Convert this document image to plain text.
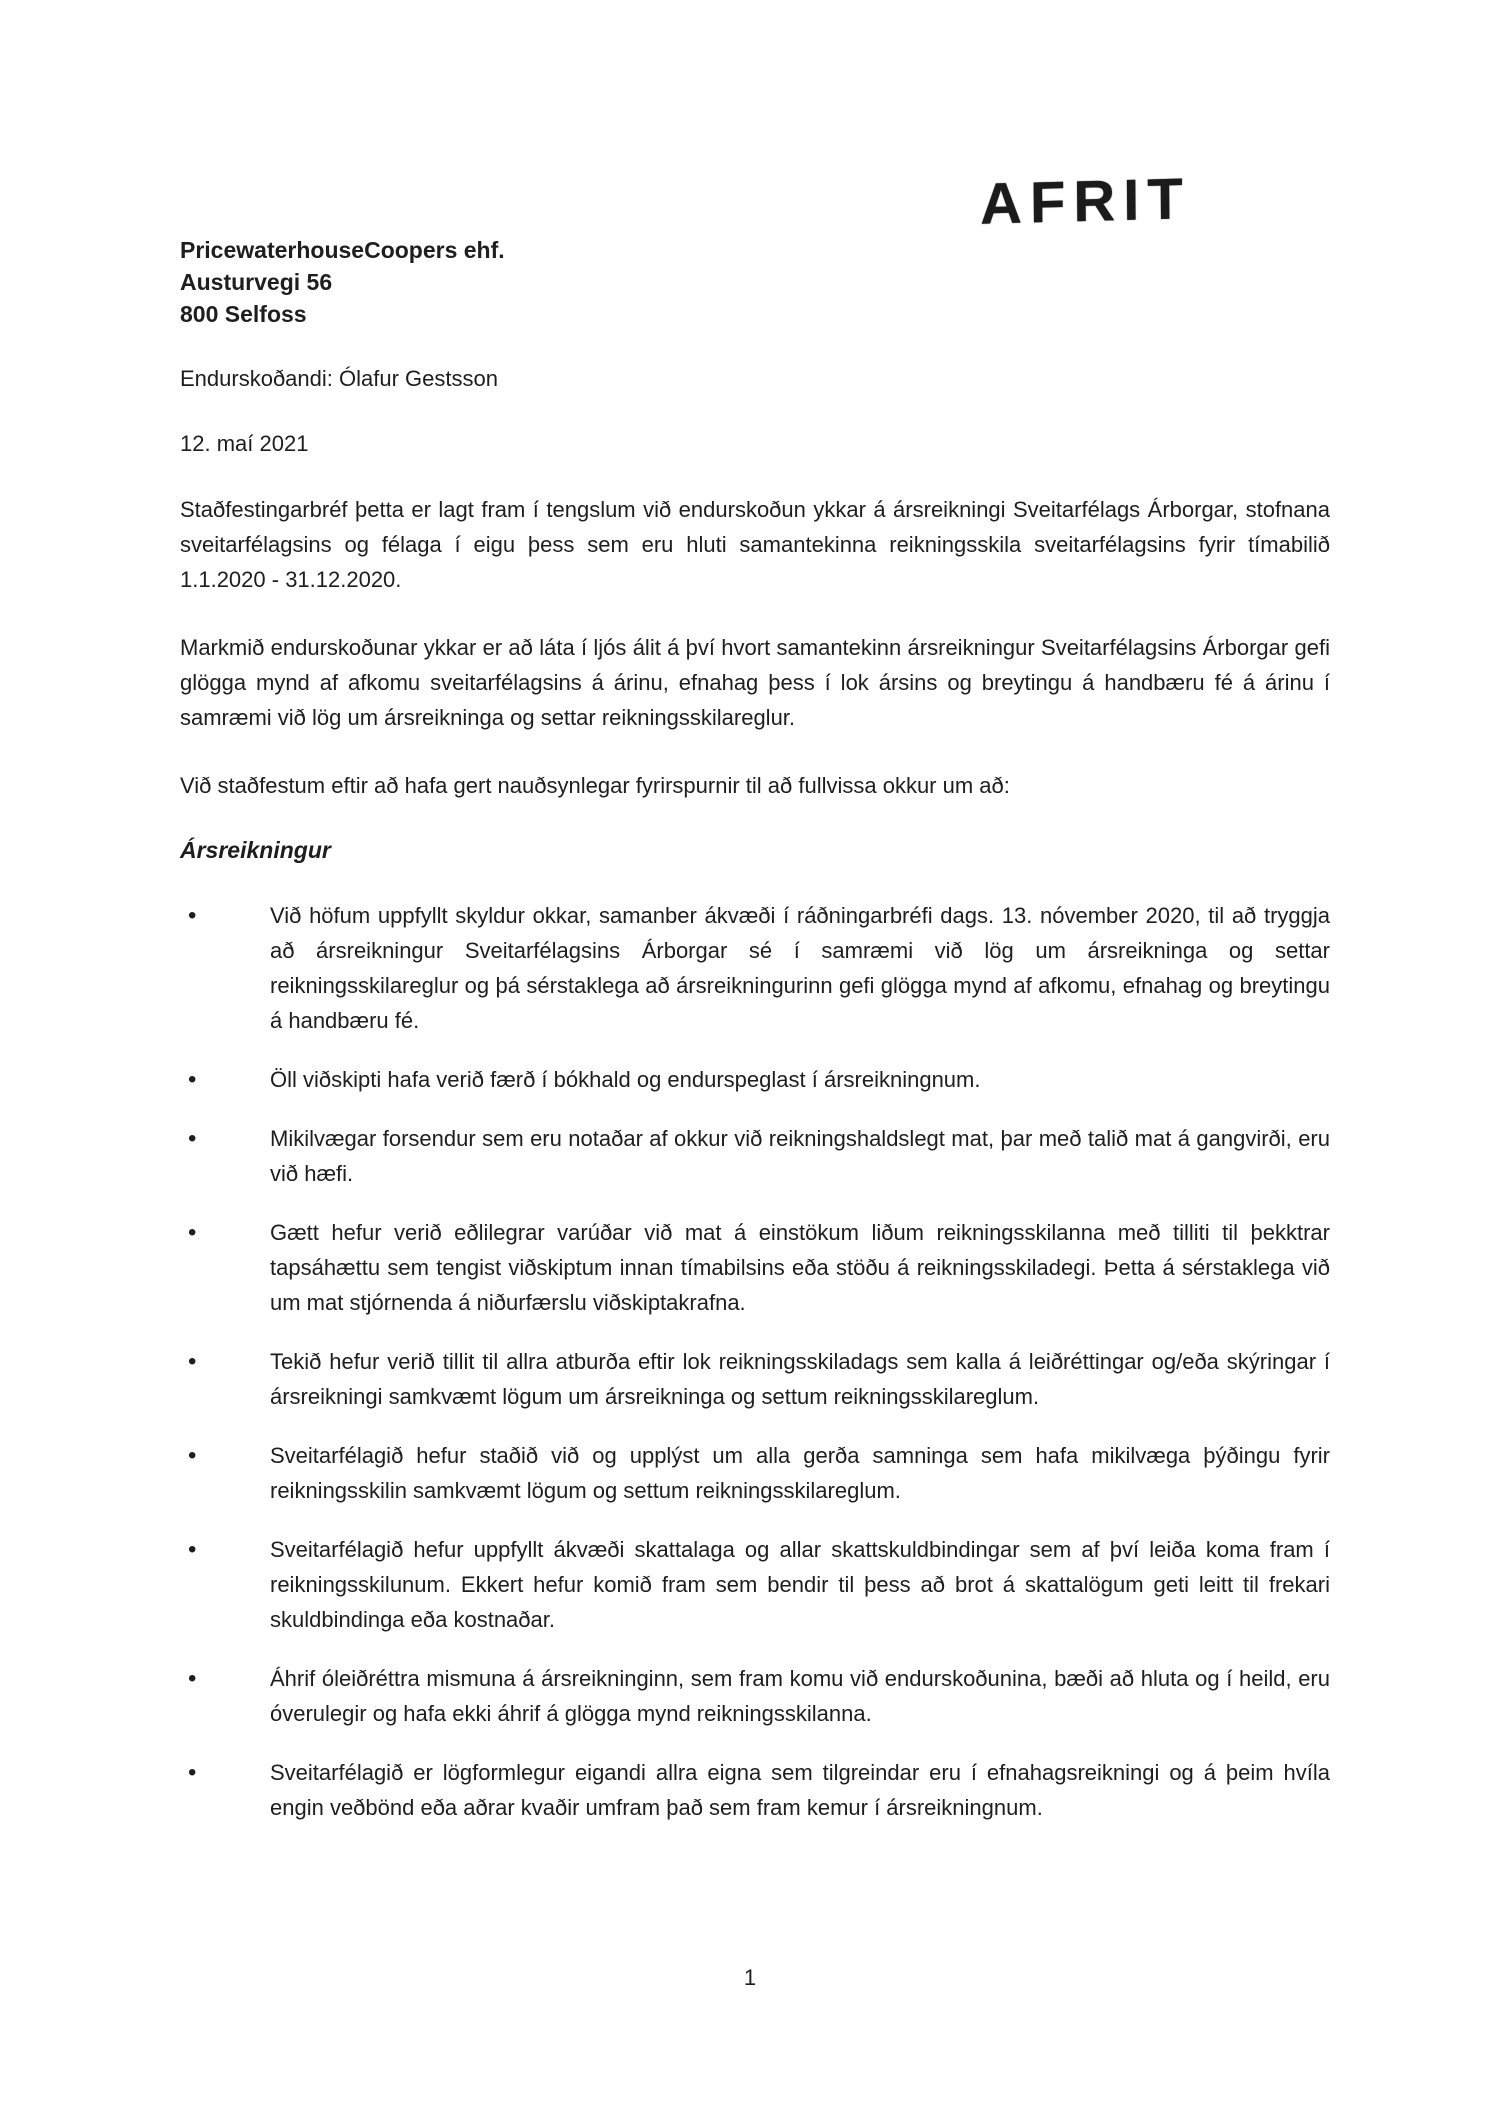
AFRIT
PricewaterhouseCoopers ehf.
Austurvegi 56
800 Selfoss

Endurskoðandi: Ólafur Gestsson

12. maí 2021

Staðfestingarbréf þetta er lagt fram í tengslum við endurskoðun ykkar á ársreikningi Sveitarfélags Árborgar, stofnana sveitarfélagsins og félaga í eigu þess sem eru hluti samantekinna reikningsskila sveitarfélagsins fyrir tímabilið 1.1.2020 - 31.12.2020.

Markmið endurskoðunar ykkar er að láta í ljós álit á því hvort samantekinn ársreikningur Sveitarfélagsins Árborgar gefi glögga mynd af afkomu sveitarfélagsins á árinu, efnahag þess í lok ársins og breytingu á handbæru fé á árinu í samræmi við lög um ársreikninga og settar reikningsskilareglur.

Við staðfestum eftir að hafa gert nauðsynlegar fyrirspurnir til að fullvissa okkur um að:

Ársreikningur
•	Við höfum uppfyllt skyldur okkar, samanber ákvæði í ráðningarbréfi dags. 13. nóvember 2020, til að tryggja að ársreikningur Sveitarfélagsins Árborgar sé í samræmi við lög um ársreikninga og settar reikningsskilareglur og þá sérstaklega að ársreikningurinn gefi glögga mynd af afkomu, efnahag og breytingu á handbæru fé.

•	Öll viðskipti hafa verið færð í bókhald og endurspeglast í ársreikningnum.

•	Mikilvægar forsendur sem eru notaðar af okkur við reikningshaldslegt mat, þar með talið mat á gangvirði, eru við hæfi.

•	Gætt hefur verið eðlilegrar varúðar við mat á einstökum liðum reikningsskilanna með tilliti til þekktrar tapsáhættu sem tengist viðskiptum innan tímabilsins eða stöðu á reikningsskiladegi. Þetta á sérstaklega við um mat stjórnenda á niðurfærslu viðskiptakrafna.

•	Tekið hefur verið tillit til allra atburða eftir lok reikningsskiladags sem kalla á leiðréttingar og/eða skýringar í ársreikningi samkvæmt lögum um ársreikninga og settum reikningsskilareglum.

•	Sveitarfélagið hefur staðið við og upplýst um alla gerða samninga sem hafa mikilvæga þýðingu fyrir reikningsskilin samkvæmt lögum og settum reikningsskilareglum.

•	Sveitarfélagið hefur uppfyllt ákvæði skattalaga og allar skattskuldbindingar sem af því leiða koma fram í reikningsskilunum. Ekkert hefur komið fram sem bendir til þess að brot á skattalögum geti leitt til frekari skuldbindinga eða kostnaðar.

•	Áhrif óleiðréttra mismuna á ársreikninginn, sem fram komu við endurskoðunina, bæði að hluta og í heild, eru óverulegir og hafa ekki áhrif á glögga mynd reikningsskilanna.

•	Sveitarfélagið er lögformlegur eigandi allra eigna sem tilgreindar eru í efnahagsreikningi og á þeim hvíla engin veðbönd eða aðrar kvaðir umfram það sem fram kemur í ársreikningnum.

1
